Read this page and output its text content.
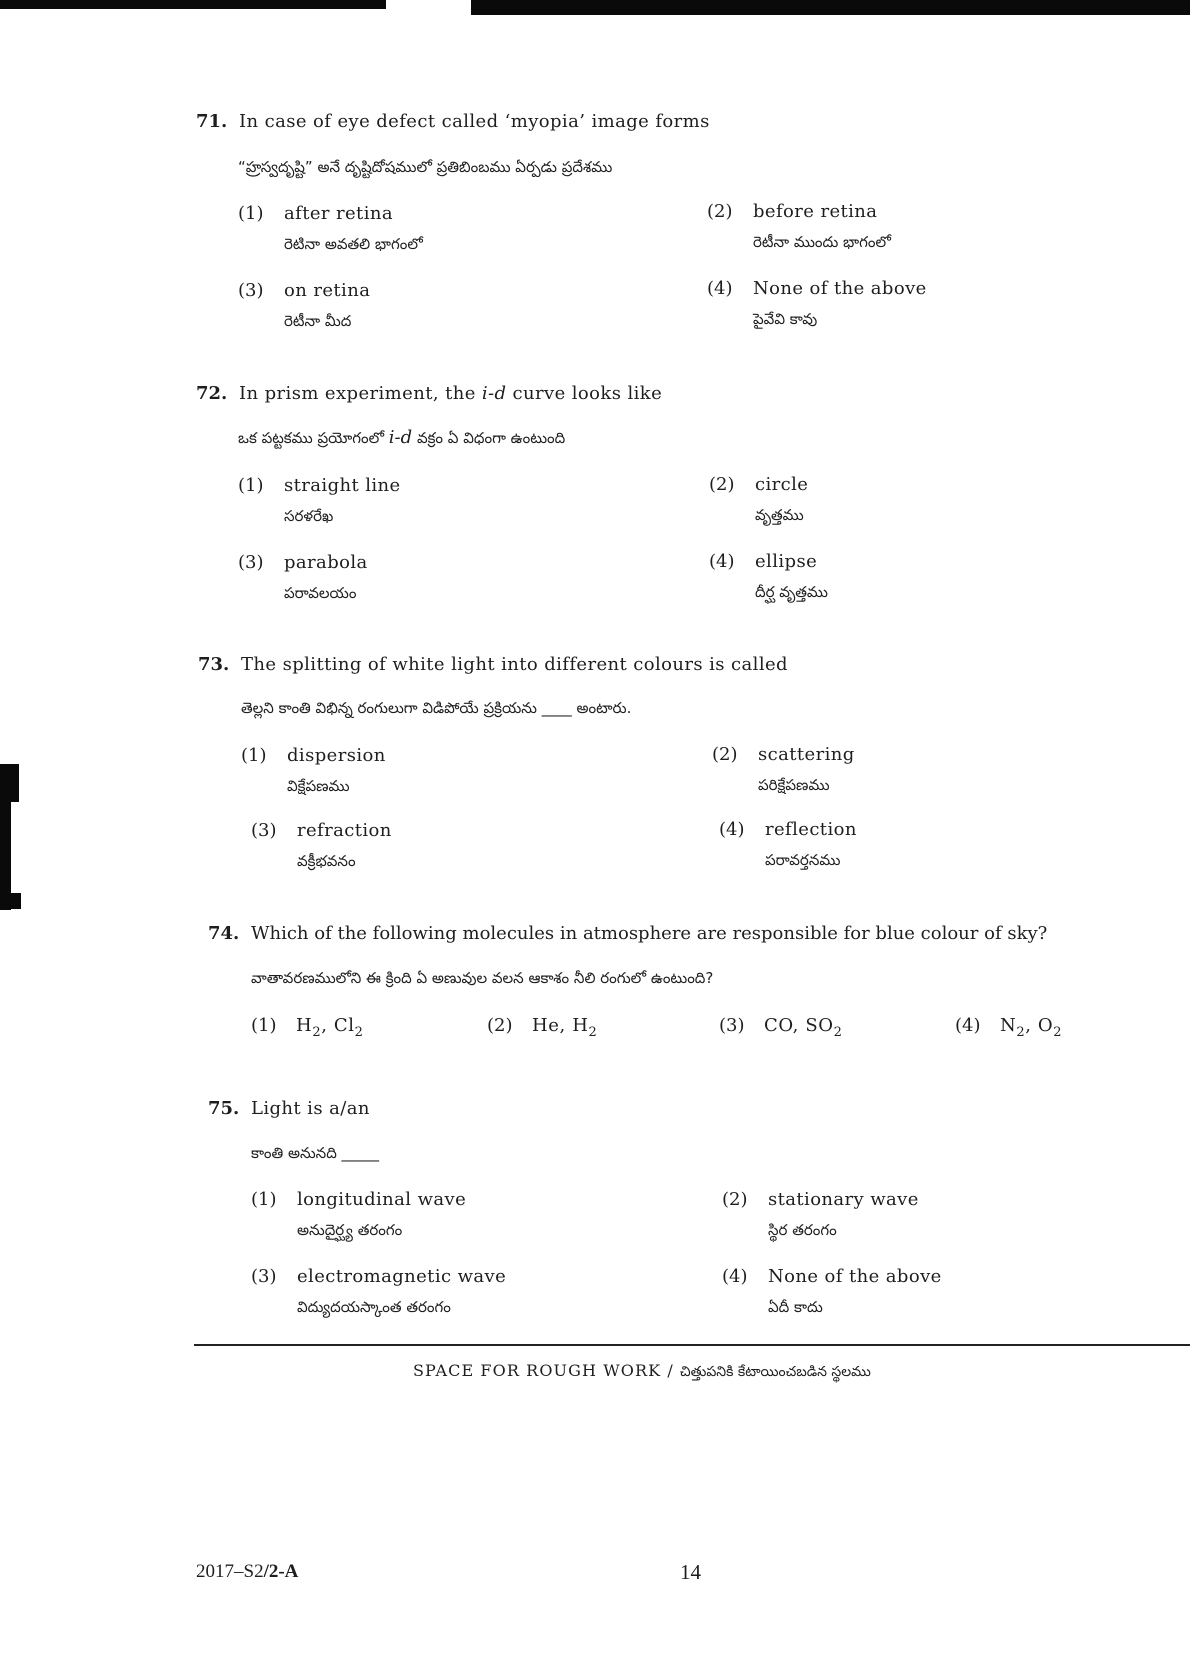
71. In case of eye defect called ‘myopia’ image forms
“హ్రస్వదృష్టి” అనే దృష్టిదోషములో ప్రతిబింబము ఏర్పడు ప్రదేశము
(1) after retina
రెటినా అవతలి భాగంలో
(2) before retina
రెటీనా ముందు భాగంలో
(3) on retina
రెటీనా మీద
(4) None of the above
పైవేవి కావు
72. In prism experiment, the i-d curve looks like
ఒక పట్టకము ప్రయోగంలో i-d వక్రం ఏ విధంగా ఉంటుంది
(1) straight line
సరళరేఖ
(2) circle
వృత్తము
(3) parabola
పరావలయం
(4) ellipse
దీర్ఘ వృత్తము
73. The splitting of white light into different colours is called
తెల్లని కాంతి విభిన్న రంగులుగా విడిపోయే ప్రక్రియను ____ అంటారు.
(1) dispersion
విక్షేపణము
(2) scattering
పరిక్షేపణము
(3) refraction
వక్రీభవనం
(4) reflection
పరావర్తనము
74. Which of the following molecules in atmosphere are responsible for blue colour of sky?
వాతావరణములోని ఈ క్రింది ఏ అణువుల వలన ఆకాశం నీలి రంగులో ఉంటుంది?
(1) $H_2$, $Cl_2$	(2) He, $H_2$	(3) CO, $SO_2$	(4) $N_2$, $O_2$
75. Light is a/an
కాంతి అనునది _____
(1) longitudinal wave
అనుదైర్ఘ్య తరంగం
(2) stationary wave
స్థిర తరంగం
(3) electromagnetic wave
విద్యుదయస్కాంత తరంగం
(4) None of the above
ఏదీ కాదు
SPACE FOR ROUGH WORK / చిత్తుపనికి కేటాయించబడిన స్థలము
2017–S2/2-A	14
